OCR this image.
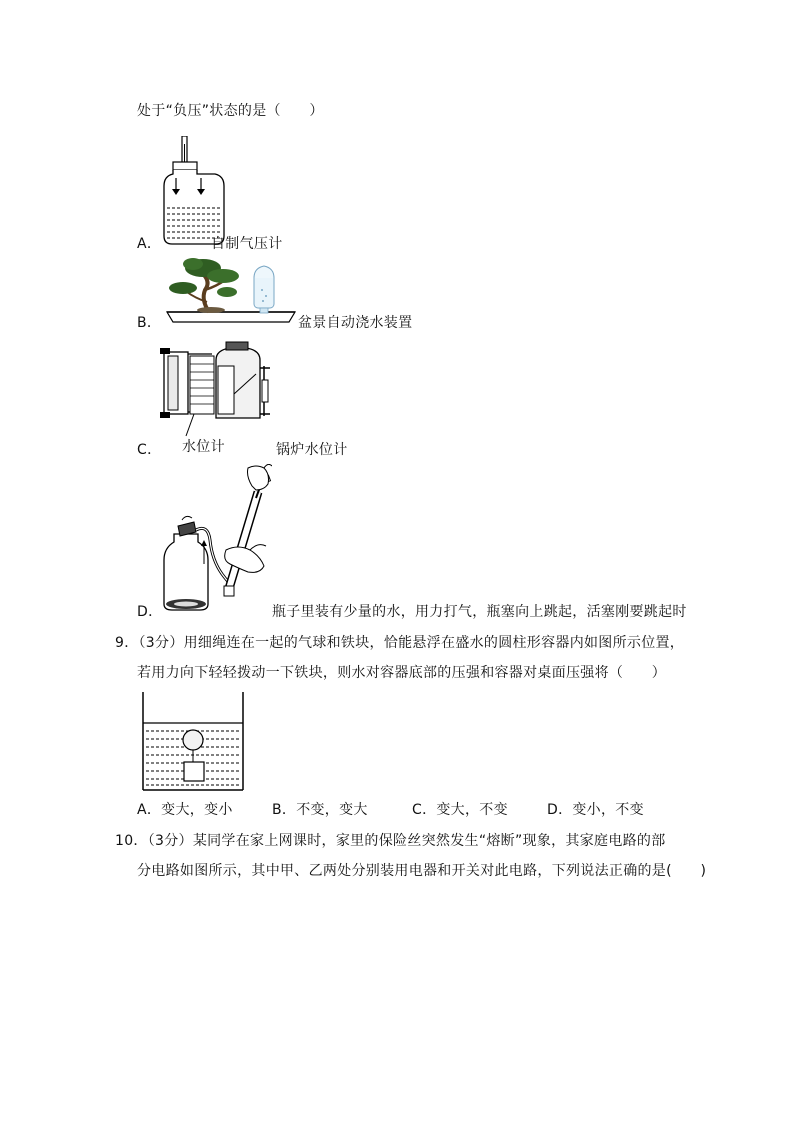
处于“负压”状态的是（　　）
A．	自制气压计
B．	盆景自动浇水装置
水位计
C．	锅炉水位计
D．	瓶子里装有少量的水，用力打气，瓶塞向上跳起，活塞刚要跳起时
9．（3分）用细绳连在一起的气球和铁块，恰能悬浮在盛水的圆柱形容器内如图所示位置，
若用力向下轻轻拨动一下铁块，则水对容器底部的压强和容器对桌面压强将（　　）
A．变大，变小	B．不变，变大	C．变大，不变	D．变小，不变
10．（3分）某同学在家上网课时，家里的保险丝突然发生“熔断”现象，其家庭电路的部
分电路如图所示，其中甲、乙两处分别装用电器和开关对此电路，下列说法正确的是(　　)
